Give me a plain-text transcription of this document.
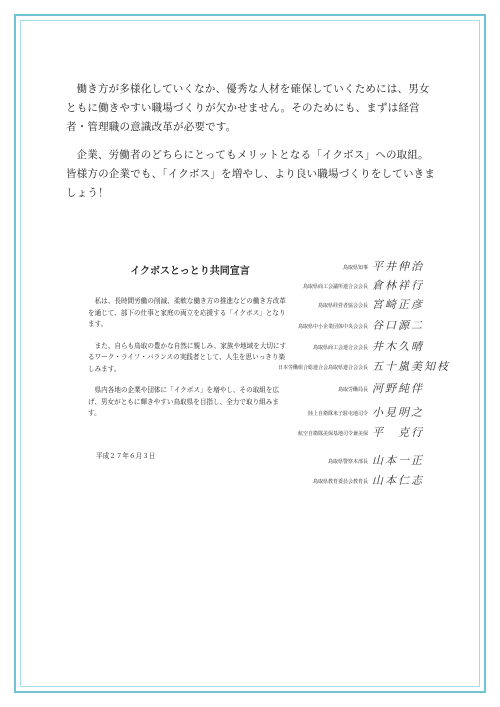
働き方が多様化していくなか、優秀な人材を確保していくためには、男女ともに働きやすい職場づくりが欠かせません。そのためにも、まずは経営者・管理職の意識改革が必要です。

企業、労働者のどちらにとってもメリットとなる「イクボス」への取組。皆様方の企業でも、「イクボス」を増やし、より良い職場づくりをしていきましょう！

イクボスとっとり共同宣言

私は、長時間労働の削減、柔軟な働き方の推進などの働き方改革を通じて、部下の仕事と家庭の両立を応援する「イクボス」となります。

また、自らも鳥取の豊かな自然に親しみ、家族や地域を大切にするワーク・ライフ・バランスの実践者として、人生を思いっきり楽しみます。

県内各地の企業や団体に「イクボス」を増やし、その取組を広げ、男女がともに輝きやすい鳥取県を目指し、全力で取り組みます。

平成２７年６月３日
鳥取県知事 平井伸治
鳥取県商工会議所連合会会長 倉林祥行
鳥取県経営者協会会長 宮崎正彦
鳥取県中小企業団体中央会会長 谷口源二
鳥取県商工会連合会会長 井木久晴
日本労働組合総連合会鳥取県連合会会長 五十嵐美知枝
鳥取労働局長 河野純伴
陸上自衛隊米子駐屯地司令 小見明之
航空自衛隊美保基地司令兼美保 平　克行
鳥取県警察本部長 山本一正
鳥取県教育委員会教育長 山本仁志
